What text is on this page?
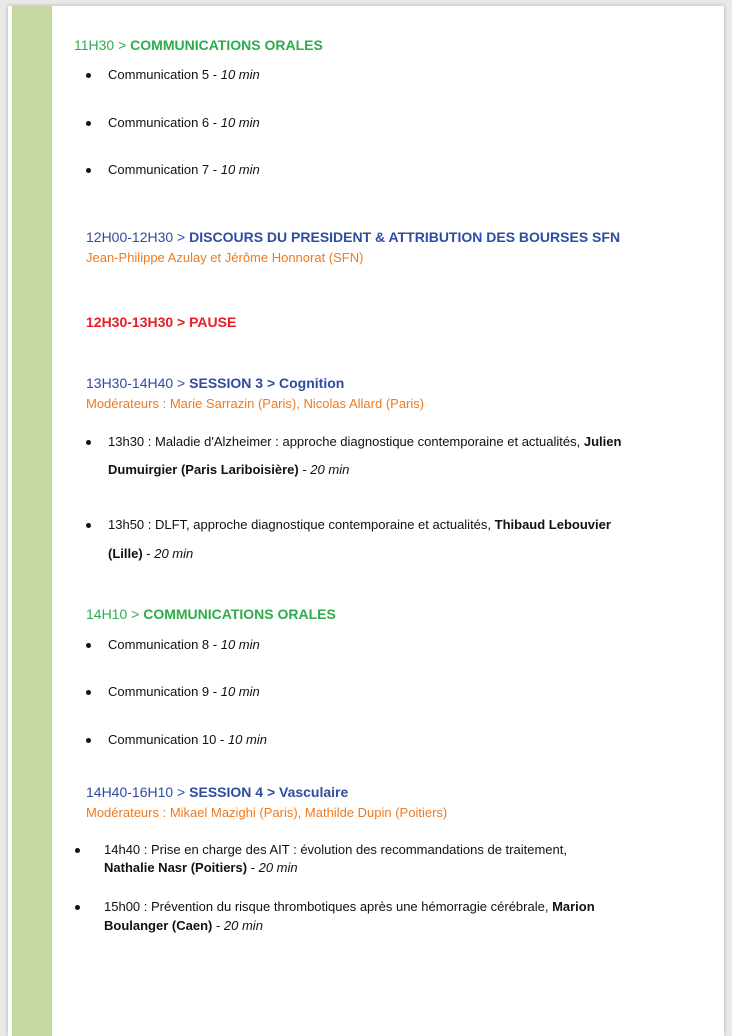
11H30 > COMMUNICATIONS ORALES
Communication 5 - 10 min
Communication 6 - 10 min
Communication 7 - 10 min
12H00-12H30 > DISCOURS DU PRESIDENT & ATTRIBUTION DES BOURSES SFN
Jean-Philippe Azulay et Jérôme Honnorat (SFN)
12H30-13H30 > PAUSE
13H30-14H40 > SESSION 3 > Cognition
Modérateurs : Marie Sarrazin (Paris), Nicolas Allard (Paris)
13h30 : Maladie d'Alzheimer : approche diagnostique contemporaine et actualités, Julien
Dumuirgier (Paris Lariboisière) - 20 min
13h50 : DLFT, approche diagnostique contemporaine et actualités, Thibaud Lebouvier
(Lille) - 20 min
14H10 > COMMUNICATIONS ORALES
Communication 8 - 10 min
Communication 9 - 10 min
Communication 10 - 10 min
14H40-16H10 > SESSION 4 > Vasculaire
Modérateurs : Mikael Mazighi (Paris), Mathilde Dupin (Poitiers)
14h40 : Prise en charge des AIT : évolution des recommandations de traitement,
Nathalie Nasr (Poitiers) - 20 min
15h00 : Prévention du risque thrombotiques après une hémorragie cérébrale, Marion
Boulanger (Caen) - 20 min
